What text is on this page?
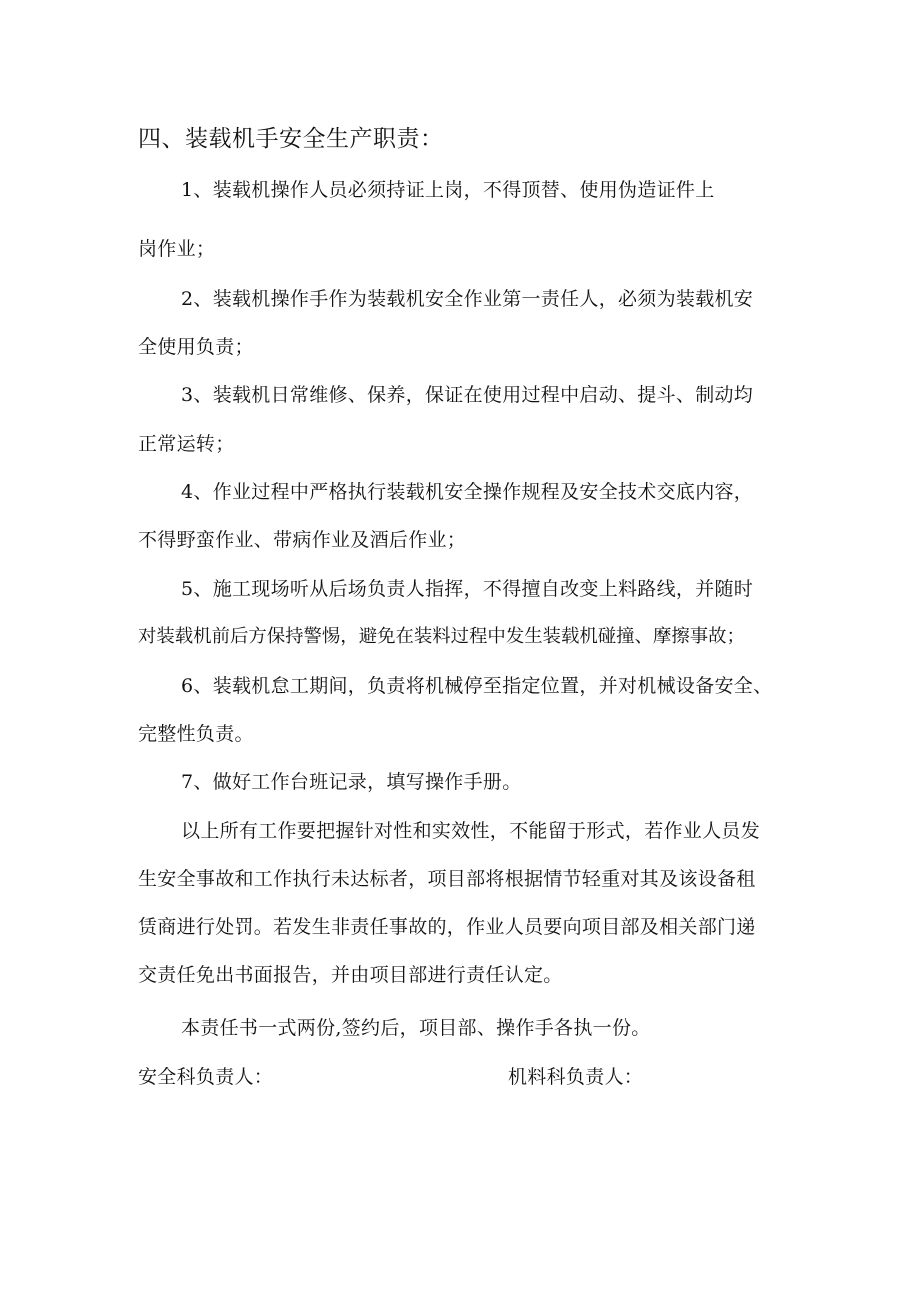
四、装载机手安全生产职责：
1、装载机操作人员必须持证上岗，不得顶替、使用伪造证件上
岗作业；
2、装载机操作手作为装载机安全作业第一责任人，必须为装载机安
全使用负责；
3、装载机日常维修、保养，保证在使用过程中启动、提斗、制动均
正常运转；
4、作业过程中严格执行装载机安全操作规程及安全技术交底内容，
不得野蛮作业、带病作业及酒后作业；
5、施工现场听从后场负责人指挥，不得擅自改变上料路线，并随时
对装载机前后方保持警惕，避免在装料过程中发生装载机碰撞、摩擦事故；
6、装载机怠工期间，负责将机械停至指定位置，并对机械设备安全、
完整性负责。
7、做好工作台班记录，填写操作手册。
以上所有工作要把握针对性和实效性，不能留于形式，若作业人员发
生安全事故和工作执行未达标者，项目部将根据情节轻重对其及该设备租
赁商进行处罚。若发生非责任事故的，作业人员要向项目部及相关部门递
交责任免出书面报告，并由项目部进行责任认定。
本责任书一式两份,签约后，项目部、操作手各执一份。
安全科负责人：	机料科负责人：
